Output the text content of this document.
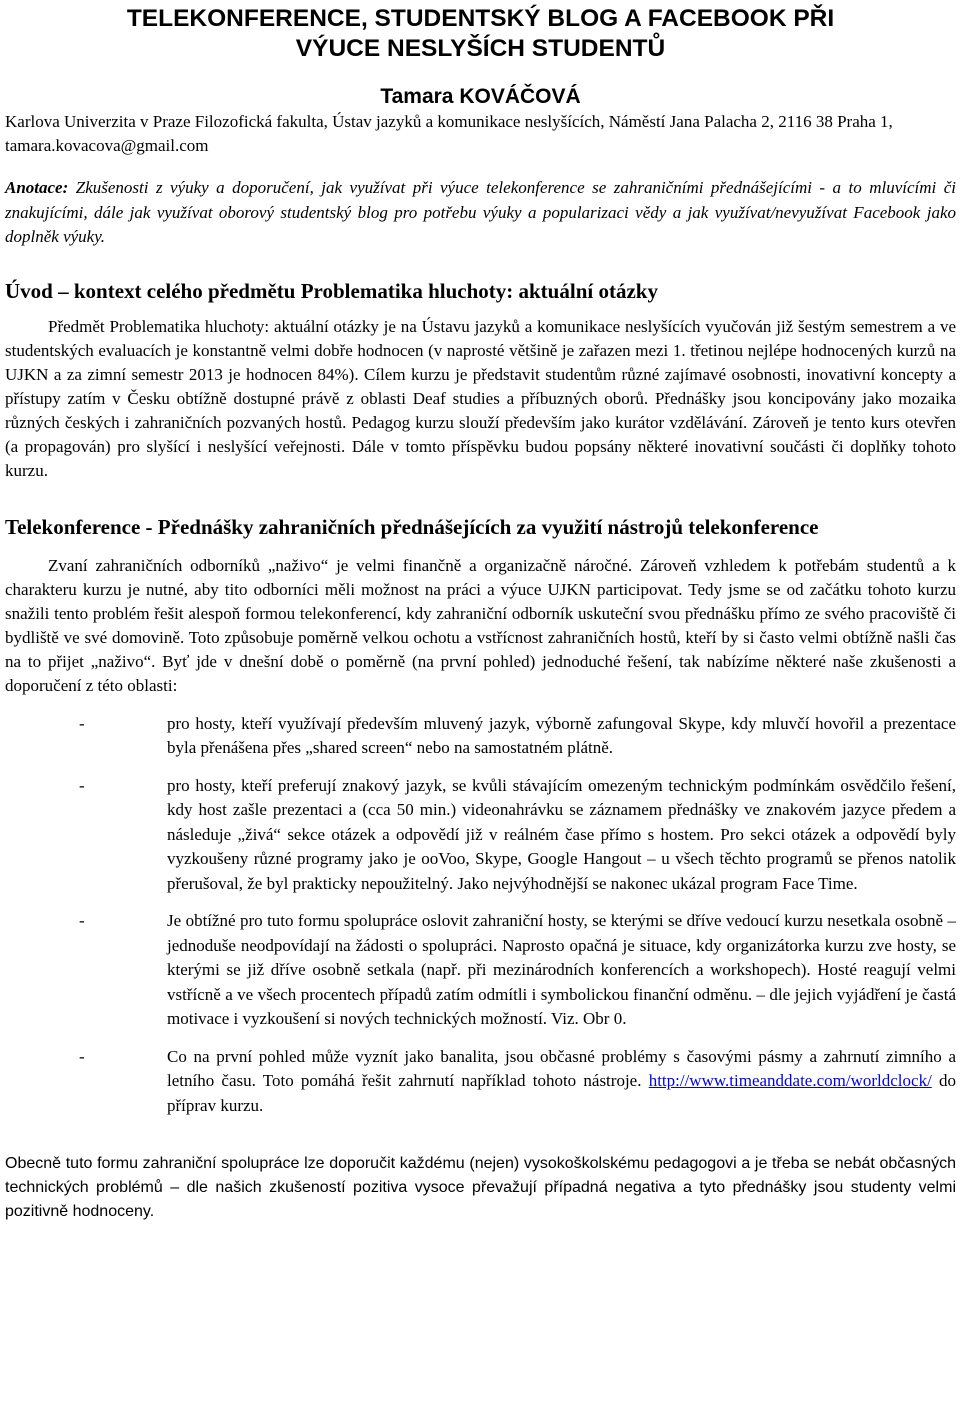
TELEKONFERENCE, STUDENTSKÝ BLOG A FACEBOOK PŘI
VÝUCE NESLYŠÍCH STUDENTŮ

Tamara KOVÁČOVÁ

Karlova Univerzita v Praze Filozofická fakulta, Ústav jazyků a komunikace neslyšících, Náměstí Jana Palacha 2, 2116 38 Praha 1, tamara.kovacova@gmail.com

Anotace: Zkušenosti z výuky a doporučení, jak využívat při výuce telekonference se zahraničními přednášejícími - a to mluvícími či znakujícími, dále jak využívat oborový studentský blog pro potřebu výuky a popularizaci vědy a jak využívat/nevyužívat Facebook jako doplněk výuky.

Úvod – kontext celého předmětu Problematika hluchoty: aktuální otázky

Předmět Problematika hluchoty: aktuální otázky je na Ústavu jazyků a komunikace neslyšících vyučován již šestým semestrem a ve studentských evaluacích je konstantně velmi dobře hodnocen (v naprosté většině je zařazen mezi 1. třetinou nejlépe hodnocených kurzů na UJKN a za zimní semestr 2013 je hodnocen 84%). Cílem kurzu je představit studentům různé zajímavé osobnosti, inovativní koncepty a přístupy zatím v Česku obtížně dostupné právě z oblasti Deaf studies a příbuzných oborů. Přednášky jsou koncipovány jako mozaika různých českých i zahraničních pozvaných hostů. Pedagog kurzu slouží především jako kurátor vzdělávání. Zároveň je tento kurs otevřen (a propagován) pro slyšící i neslyšící veřejnosti. Dále v tomto příspěvku budou popsány některé inovativní součásti či doplňky tohoto kurzu.

Telekonference - Přednášky zahraničních přednášejících za využití nástrojů telekonference

Zvaní zahraničních odborníků „naživo“ je velmi finančně a organizačně náročné. Zároveň vzhledem k potřebám studentů a k charakteru kurzu je nutné, aby tito odborníci měli možnost na práci a výuce UJKN participovat. Tedy jsme se od začátku tohoto kurzu snažili tento problém řešit alespoň formou telekonferencí, kdy zahraniční odborník uskuteční svou přednášku přímo ze svého pracoviště či bydliště ve své domovině. Toto způsobuje poměrně velkou ochotu a vstřícnost zahraničních hostů, kteří by si často velmi obtížně našli čas na to přijet „naživo“. Byť jde v dnešní době o poměrně (na první pohled) jednoduché řešení, tak nabízíme některé naše zkušenosti a doporučení z této oblasti:

-	pro hosty, kteří využívají především mluvený jazyk, výborně zafungoval Skype, kdy mluvčí hovořil a prezentace byla přenášena přes „shared screen“ nebo na samostatném plátně.
-	pro hosty, kteří preferují znakový jazyk, se kvůli stávajícím omezeným technickým podmínkám osvědčilo řešení, kdy host zašle prezentaci a (cca 50 min.) videonahrávku se záznamem přednášky ve znakovém jazyce předem a následuje „živá“ sekce otázek a odpovědí již v reálném čase přímo s hostem. Pro sekci otázek a odpovědí byly vyzkoušeny různé programy jako je ooVoo, Skype, Google Hangout – u všech těchto programů se přenos natolik přerušoval, že byl prakticky nepoužitelný. Jako nejvýhodnější se nakonec ukázal program Face Time.
-	Je obtížné pro tuto formu spolupráce oslovit zahraniční hosty, se kterými se dříve vedoucí kurzu nesetkala osobně – jednoduše neodpovídají na žádosti o spolupráci. Naprosto opačná je situace, kdy organizátorka kurzu zve hosty, se kterými se již dříve osobně setkala (např. při mezinárodních konferencích a workshopech). Hosté reagují velmi vstřícně a ve všech procentech případů zatím odmítli i symbolickou finanční odměnu. – dle jejich vyjádření je častá motivace i vyzkoušení si nových technických možností. Viz. Obr 0.
-	Co na první pohled může vyznít jako banalita, jsou občasné problémy s časovými pásmy a zahrnutí zimního a letního času. Toto pomáhá řešit zahrnutí například tohoto nástroje. http://www.timeanddate.com/worldclock/ do příprav kurzu.

Obecně tuto formu zahraniční spolupráce lze doporučit každému (nejen) vysokoškolskému pedagogovi a je třeba se nebát občasných technických problémů – dle našich zkušeností pozitiva vysoce převažují případná negativa a tyto přednášky jsou studenty velmi pozitivně hodnoceny.
